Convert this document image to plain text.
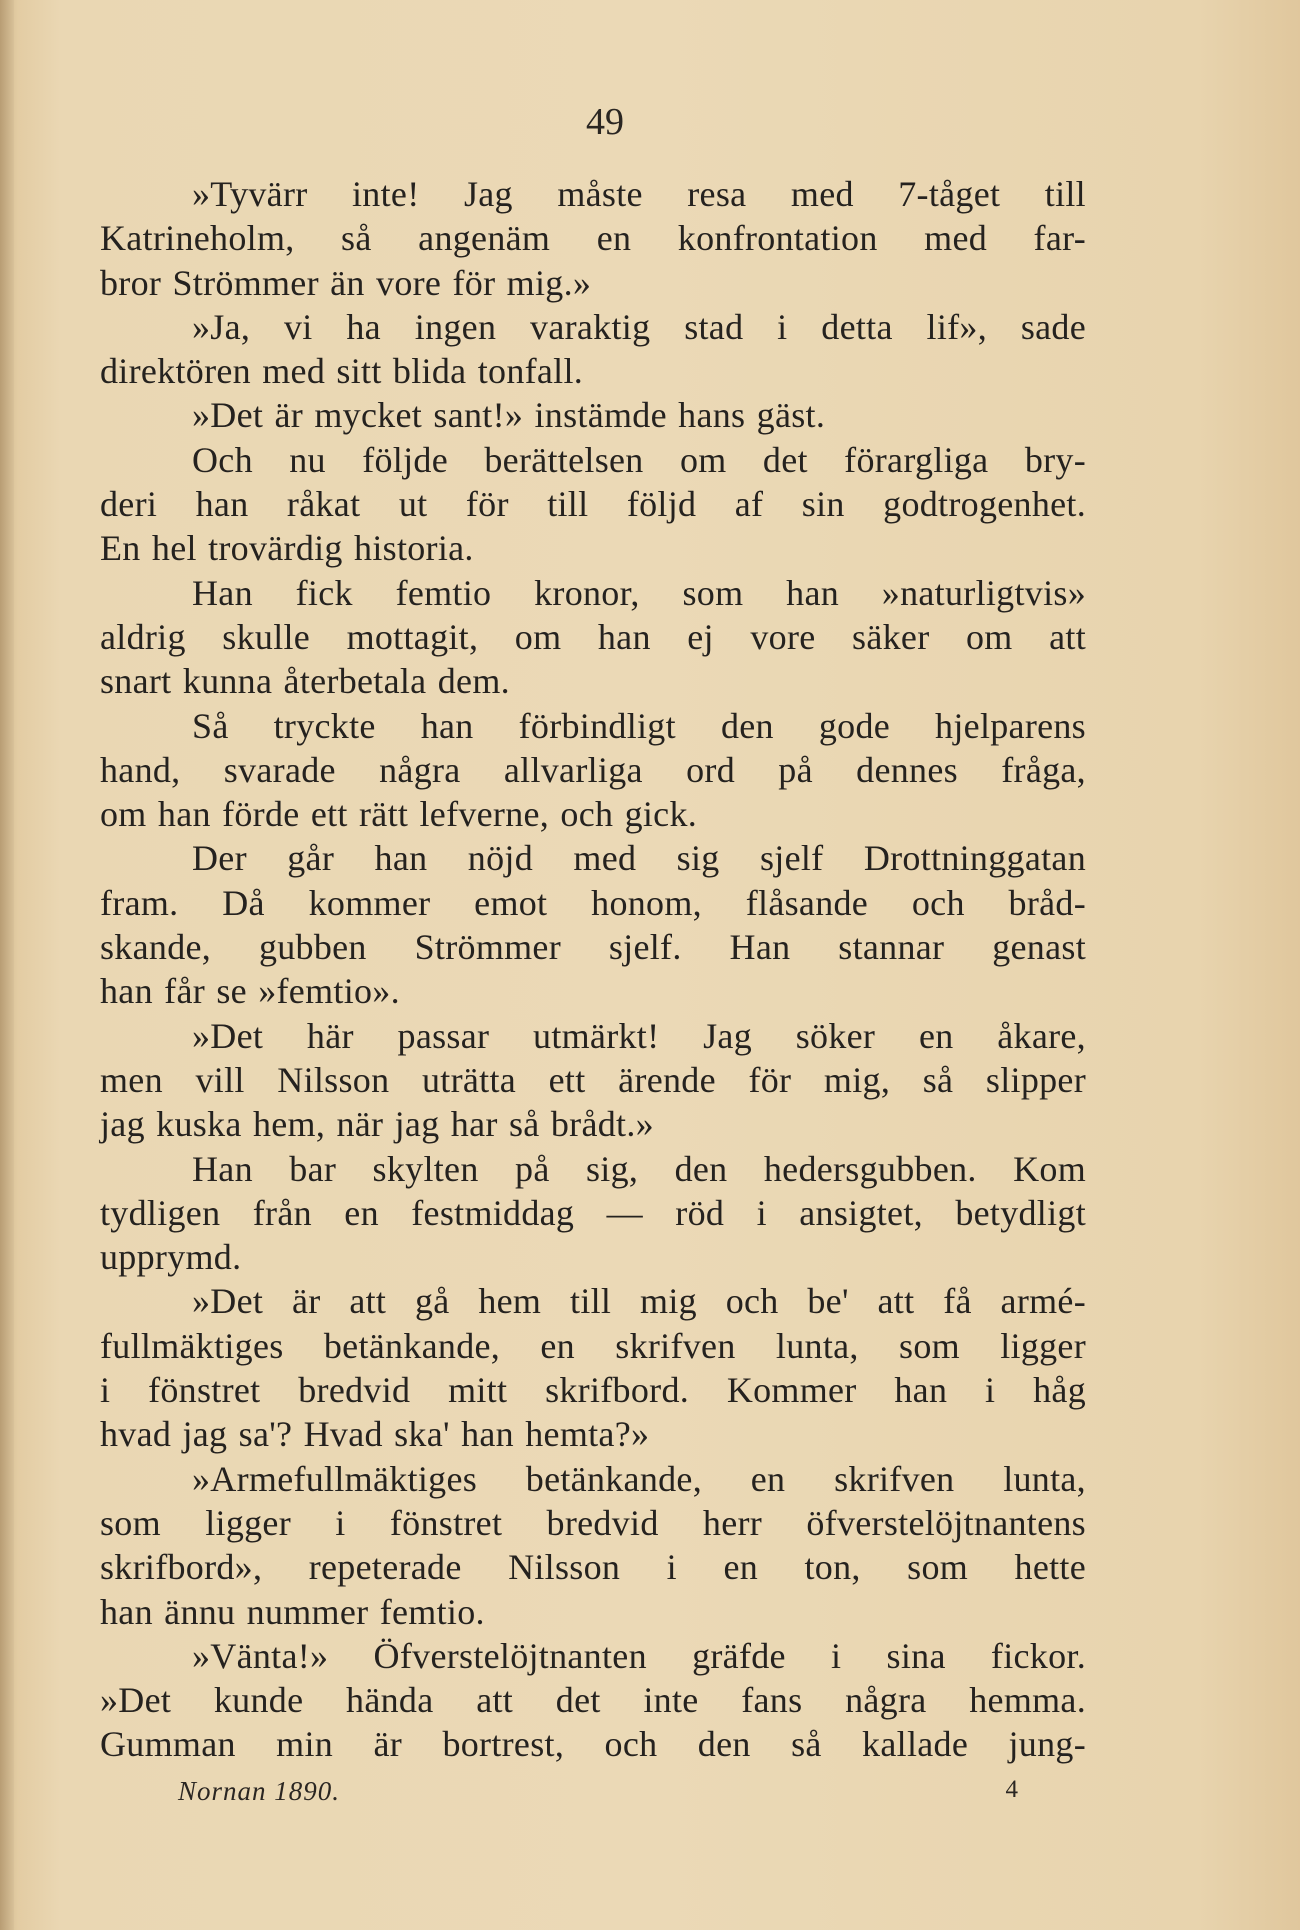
49
»Tyvärr inte! Jag måste resa med 7-tåget till
Katrineholm, så angenäm en konfrontation med far-
bror Strömmer än vore för mig.»
»Ja, vi ha ingen varaktig stad i detta lif», sade
direktören med sitt blida tonfall.
»Det är mycket sant!» instämde hans gäst.
Och nu följde berättelsen om det förargliga bry-
deri han råkat ut för till följd af sin godtrogenhet.
En hel trovärdig historia.
Han fick femtio kronor, som han »naturligtvis»
aldrig skulle mottagit, om han ej vore säker om att
snart kunna återbetala dem.
Så tryckte han förbindligt den gode hjelparens
hand, svarade några allvarliga ord på dennes fråga,
om han förde ett rätt lefverne, och gick.
Der går han nöjd med sig sjelf Drottninggatan
fram. Då kommer emot honom, flåsande och bråd-
skande, gubben Strömmer sjelf. Han stannar genast
han får se »femtio».
»Det här passar utmärkt! Jag söker en åkare,
men vill Nilsson uträtta ett ärende för mig, så slipper
jag kuska hem, när jag har så brådt.»
Han bar skylten på sig, den hedersgubben. Kom
tydligen från en festmiddag — röd i ansigtet, betydligt
upprymd.
»Det är att gå hem till mig och be' att få armé-
fullmäktiges betänkande, en skrifven lunta, som ligger
i fönstret bredvid mitt skrifbord. Kommer han i håg
hvad jag sa'? Hvad ska' han hemta?»
»Armefullmäktiges betänkande, en skrifven lunta,
som ligger i fönstret bredvid herr öfverstelöjtnantens
skrifbord», repeterade Nilsson i en ton, som hette
han ännu nummer femtio.
»Vänta!» Öfverstelöjtnanten gräfde i sina fickor.
»Det kunde hända att det inte fans några hemma.
Gumman min är bortrest, och den så kallade jung-
Nornan 1890.	4
